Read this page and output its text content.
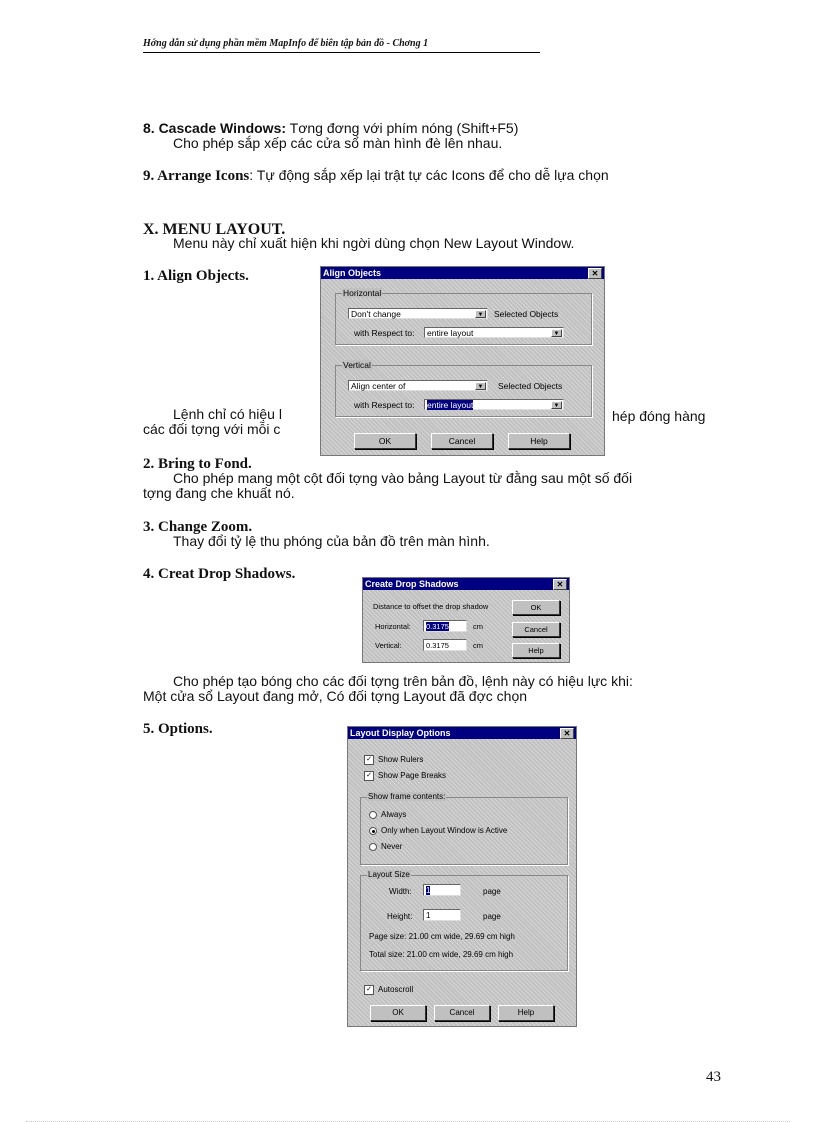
Hớng dẫn sử dụng phần mềm MapInfo để biên tập bản đồ - Chơng 1
8. Cascade Windows: Tơng đơng với phím nóng (Shift+F5)
Cho phép sắp xếp các cửa sổ màn hình đè lên nhau.
9. Arrange Icons: Tự động sắp xếp lại trật tự các Icons để cho dễ lựa chọn
X. MENU LAYOUT.
Menu này chỉ xuất hiện khi ngời dùng chọn New Layout Window.
1. Align Objects.
Lệnh chỉ có hiệu l	hép đóng hàng
các đối tợng với mỗi c
Align Objects	✕
Horizontal
Don't change	▼ Selected Objects
with Respect to:	entire layout	▼
Vertical
Align center of	▼ Selected Objects
with Respect to:	entire layout	▼
OK	Cancel	Help
2. Bring to Fond.
Cho phép mang một cột đối tợng vào bảng Layout từ đằng sau một số đối
tợng đang che khuất nó.
3. Change Zoom.
Thay đổi tỷ lệ thu phóng của bản đồ trên màn hình.
4. Creat Drop Shadows.
Create Drop Shadows	✕
Distance to offset the drop shadow
Horizontal:	0.3175	cm
Vertical:	0.3175	cm
OK
Cancel
Help
Cho phép tạo bóng cho các đối tợng trên bản đồ, lệnh này có hiệu lực khi:
Một cửa sổ Layout đang mở, Có đối tợng Layout đã đợc chọn
5. Options.	Layout Display Options	✕
✓ Show Rulers
✓ Show Page Breaks
Show frame contents:
Always
Only when Layout Window is Active
Never
Layout Size
Width:	1	page
Height:	1	page
Page size: 21.00 cm wide, 29.69 cm high
Total size: 21.00 cm wide, 29.69 cm high
✓ Autoscroll
OK	Cancel	Help
43
